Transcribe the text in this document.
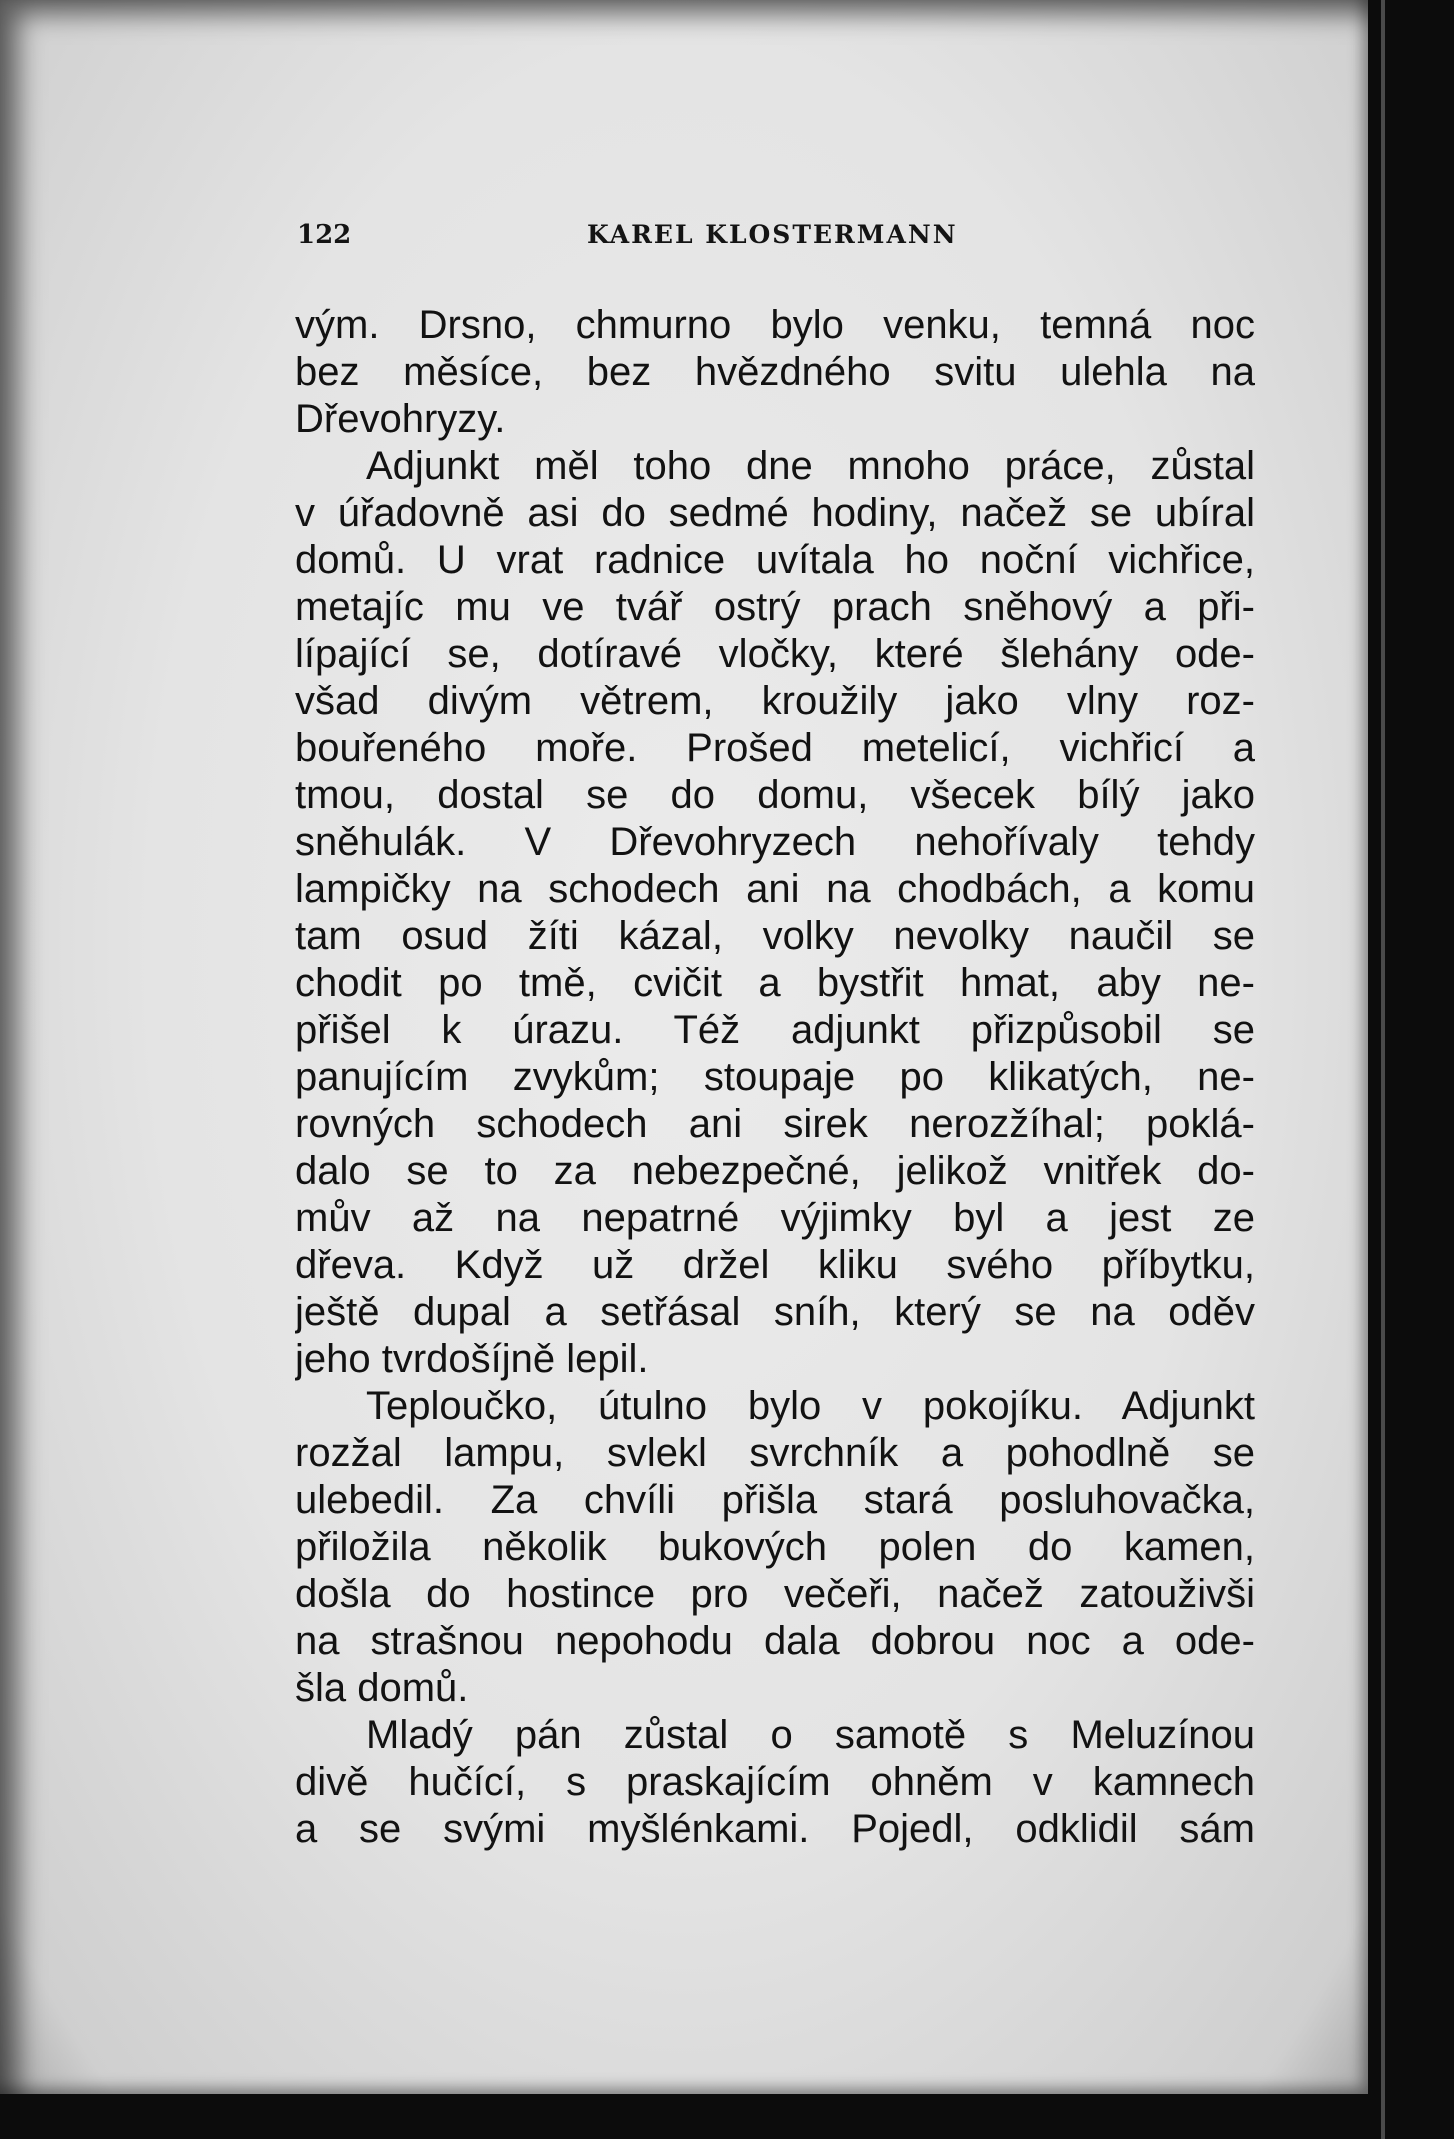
122	KAREL KLOSTERMANN
vým. Drsno, chmurno bylo venku, temná noc
bez měsíce, bez hvězdného svitu ulehla na
Dřevohryzy.
Adjunkt měl toho dne mnoho práce, zůstal
v úřadovně asi do sedmé hodiny, načež se ubíral
domů. U vrat radnice uvítala ho noční vichřice,
metajíc mu ve tvář ostrý prach sněhový a při-
lípající se, dotíravé vločky, které šlehány ode-
všad divým větrem, kroužily jako vlny roz-
bouřeného moře. Prošed metelicí, vichřicí a
tmou, dostal se do domu, všecek bílý jako
sněhulák. V Dřevohryzech nehořívaly tehdy
lampičky na schodech ani na chodbách, a komu
tam osud žíti kázal, volky nevolky naučil se
chodit po tmě, cvičit a bystřit hmat, aby ne-
přišel k úrazu. Též adjunkt přizpůsobil se
panujícím zvykům; stoupaje po klikatých, ne-
rovných schodech ani sirek nerozžíhal; poklá-
dalo se to za nebezpečné, jelikož vnitřek do-
mův až na nepatrné výjimky byl a jest ze
dřeva. Když už držel kliku svého příbytku,
ještě dupal a setřásal sníh, který se na oděv
jeho tvrdošíjně lepil.
Teploučko, útulno bylo v pokojíku. Adjunkt
rozžal lampu, svlekl svrchník a pohodlně se
ulebedil. Za chvíli přišla stará posluhovačka,
přiložila několik bukových polen do kamen,
došla do hostince pro večeři, načež zatouživši
na strašnou nepohodu dala dobrou noc a ode-
šla domů.
Mladý pán zůstal o samotě s Meluzínou
divě hučící, s praskajícím ohněm v kamnech
a se svými myšlénkami. Pojedl, odklidil sám
